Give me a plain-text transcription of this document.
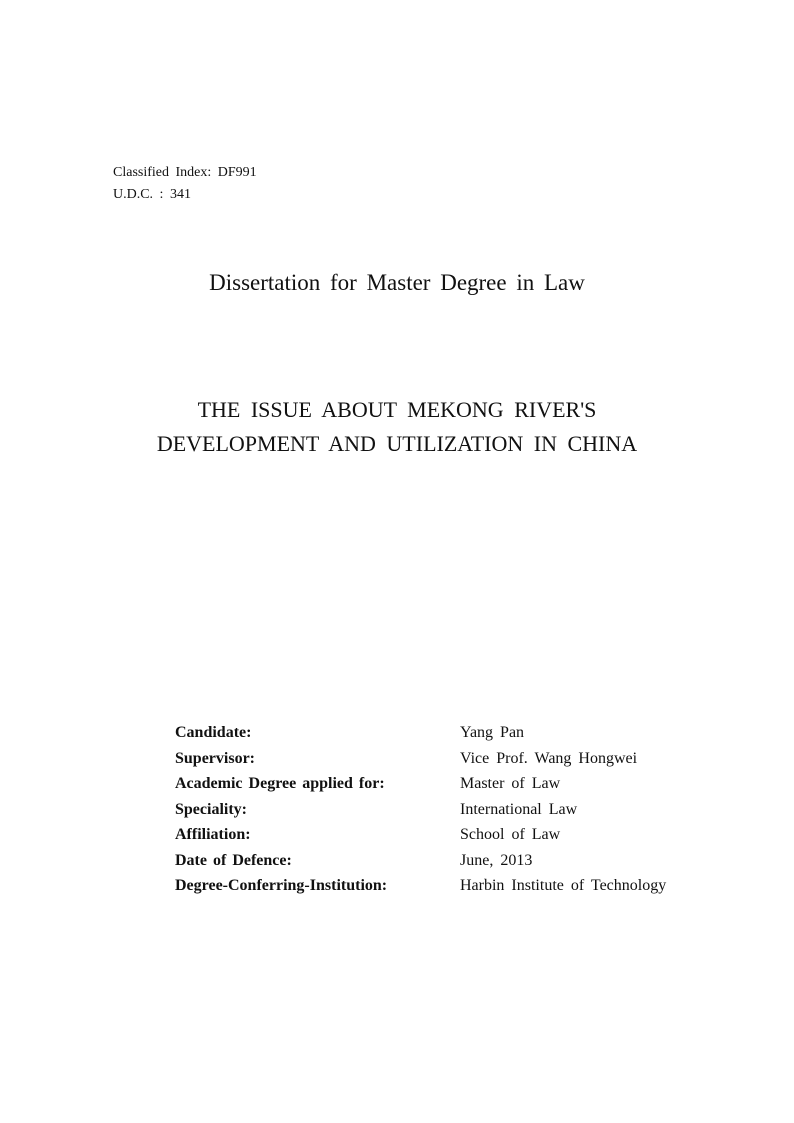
Classified Index: DF991
U.D.C. : 341
Dissertation for Master Degree in Law
THE ISSUE ABOUT MEKONG RIVER'S
DEVELOPMENT AND UTILIZATION IN CHINA
Candidate:	Yang Pan
Supervisor:	Vice Prof. Wang Hongwei
Academic Degree applied for:	Master of Law
Speciality:	International Law
Affiliation:	School of Law
Date of Defence:	June, 2013
Degree-Conferring-Institution:	Harbin Institute of Technology
